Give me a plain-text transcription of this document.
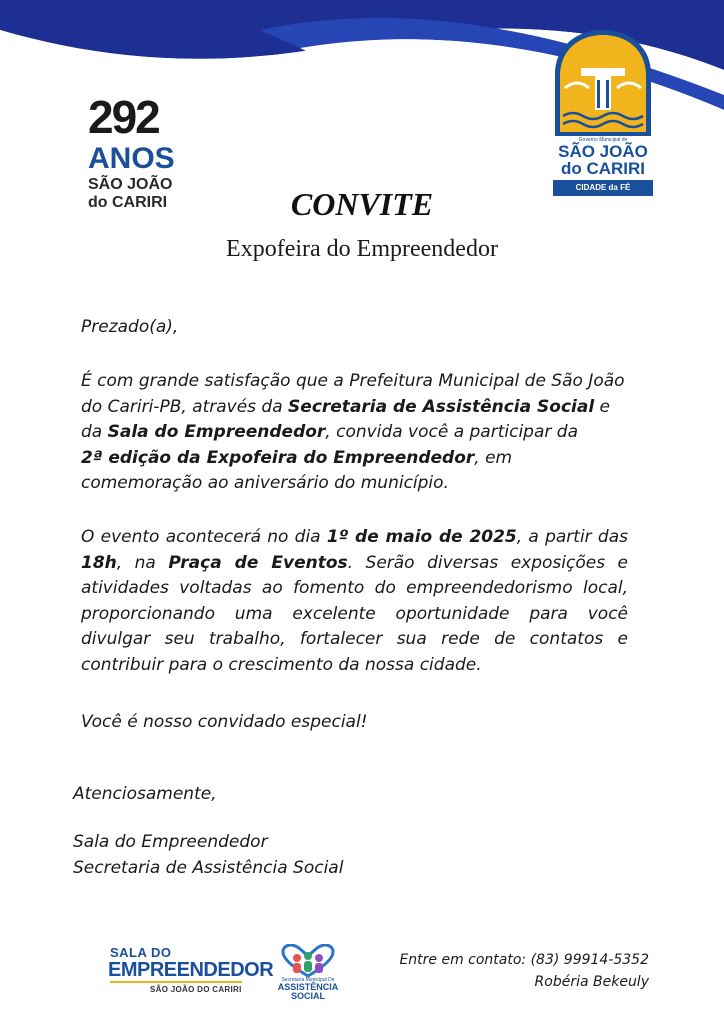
292
ANOS
SÃO JOÃO
do CARIRI
Governo Municipal de
SÃO JOÃO
do CARIRI
CIDADE da FÉ
CONVITE
Expofeira do Empreendedor
Prezado(a),
É com grande satisfação que a Prefeitura Municipal de São João do Cariri-PB, através da Secretaria de Assistência Social e da Sala do Empreendedor, convida você a participar da
2ª edição da Expofeira do Empreendedor, em comemoração ao aniversário do município.
O evento acontecerá no dia 1º de maio de 2025, a partir das 18h, na Praça de Eventos. Serão diversas exposições e atividades voltadas ao fomento do empreendedorismo local, proporcionando uma excelente oportunidade para você divulgar seu trabalho, fortalecer sua rede de contatos e contribuir para o crescimento da nossa cidade.
Você é nosso convidado especial!
Atenciosamente,
Sala do Empreendedor
Secretaria de Assistência Social
SALA DO
EMPREENDEDOR
SÃO JOÃO DO CARIRI
Secretaria Municipal De
ASSISTÊNCIA
SOCIAL
Entre em contato: (83) 99914-5352
Robéria Bekeuly
